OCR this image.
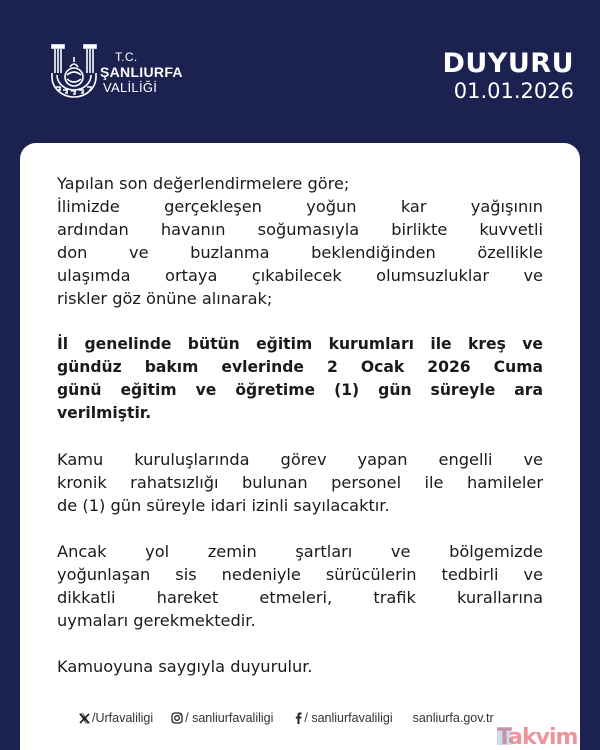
T.C.
ŞANLIURFA
VALİLİĞİ
DUYURU
01.01.2026

Yapılan son değerlendirmelere göre;
İlimizde gerçekleşen yoğun kar yağışının
ardından havanın soğumasıyla birlikte kuvvetli
don ve buzlanma beklendiğinden özellikle
ulaşımda ortaya çıkabilecek olumsuzluklar ve
riskler göz önüne alınarak;

İl genelinde bütün eğitim kurumları ile kreş ve
gündüz bakım evlerinde 2 Ocak 2026 Cuma
günü eğitim ve öğretime (1) gün süreyle ara
verilmiştir.

Kamu kuruluşlarında görev yapan engelli ve
kronik rahatsızlığı bulunan personel ile hamileler
de (1) gün süreyle idari izinli sayılacaktır.

Ancak yol zemin şartları ve bölgemizde
yoğunlaşan sis nedeniyle sürücülerin tedbirli ve
dikkatli hareket etmeleri, trafik kurallarına
uymaları gerekmektedir.

Kamuoyuna saygıyla duyurulur.

/Urfavaliligi	/ sanliurfavaliligi / sanliurfavaliligi sanliurfa.gov.tr
Takvim
